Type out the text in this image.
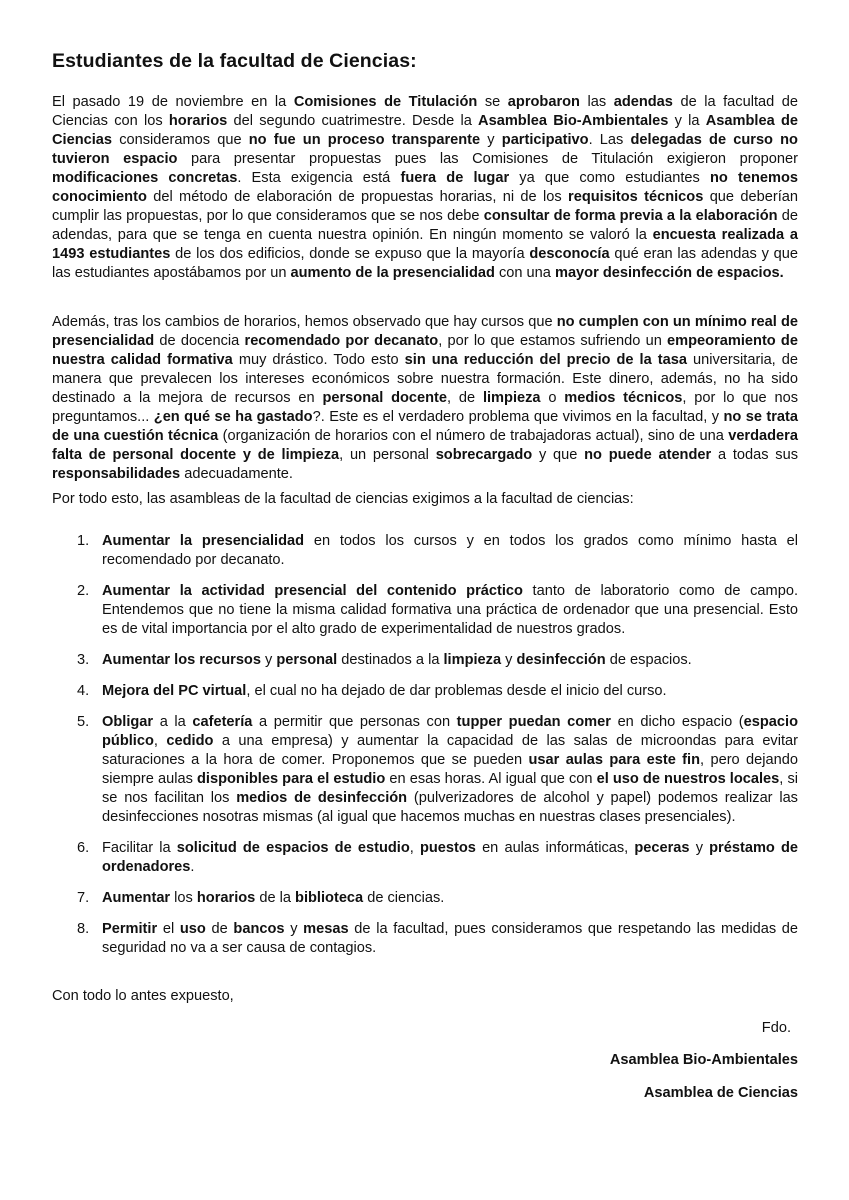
Estudiantes de la facultad de Ciencias:

El pasado 19 de noviembre en la Comisiones de Titulación se aprobaron las adendas de la facultad de Ciencias con los horarios del segundo cuatrimestre. Desde la Asamblea Bio-Ambientales y la Asamblea de Ciencias consideramos que no fue un proceso transparente y participativo. Las delegadas de curso no tuvieron espacio para presentar propuestas pues las Comisiones de Titulación exigieron proponer modificaciones concretas. Esta exigencia está fuera de lugar ya que como estudiantes no tenemos conocimiento del método de elaboración de propuestas horarias, ni de los requisitos técnicos que deberían cumplir las propuestas, por lo que consideramos que se nos debe consultar de forma previa a la elaboración de adendas, para que se tenga en cuenta nuestra opinión. En ningún momento se valoró la encuesta realizada a 1493 estudiantes de los dos edificios, donde se expuso que la mayoría desconocía qué eran las adendas y que las estudiantes apostábamos por un aumento de la presencialidad con una mayor desinfección de espacios.

Además, tras los cambios de horarios, hemos observado que hay cursos que no cumplen con un mínimo real de presencialidad de docencia recomendado por decanato, por lo que estamos sufriendo un empeoramiento de nuestra calidad formativa muy drástico. Todo esto sin una reducción del precio de la tasa universitaria, de manera que prevalecen los intereses económicos sobre nuestra formación. Este dinero, además, no ha sido destinado a la mejora de recursos en personal docente, de limpieza o medios técnicos, por lo que nos preguntamos... ¿en qué se ha gastado?. Este es el verdadero problema que vivimos en la facultad, y no se trata de una cuestión técnica (organización de horarios con el número de trabajadoras actual), sino de una verdadera falta de personal docente y de limpieza, un personal sobrecargado y que no puede atender a todas sus responsabilidades adecuadamente.

Por todo esto, las asambleas de la facultad de ciencias exigimos a la facultad de ciencias:

1. Aumentar la presencialidad en todos los cursos y en todos los grados como mínimo hasta el recomendado por decanato.
2. Aumentar la actividad presencial del contenido práctico tanto de laboratorio como de campo. Entendemos que no tiene la misma calidad formativa una práctica de ordenador que una presencial. Esto es de vital importancia por el alto grado de experimentalidad de nuestros grados.
3. Aumentar los recursos y personal destinados a la limpieza y desinfección de espacios.
4. Mejora del PC virtual, el cual no ha dejado de dar problemas desde el inicio del curso.
5. Obligar a la cafetería a permitir que personas con tupper puedan comer en dicho espacio (espacio público, cedido a una empresa) y aumentar la capacidad de las salas de microondas para evitar saturaciones a la hora de comer. Proponemos que se pueden usar aulas para este fin, pero dejando siempre aulas disponibles para el estudio en esas horas. Al igual que con el uso de nuestros locales, si se nos facilitan los medios de desinfección (pulverizadores de alcohol y papel) podemos realizar las desinfecciones nosotras mismas (al igual que hacemos muchas en nuestras clases presenciales).
6. Facilitar la solicitud de espacios de estudio, puestos en aulas informáticas, peceras y préstamo de ordenadores.
7. Aumentar los horarios de la biblioteca de ciencias.
8. Permitir el uso de bancos y mesas de la facultad, pues consideramos que respetando las medidas de seguridad no va a ser causa de contagios.

Con todo lo antes expuesto,

Fdo.

Asamblea Bio-Ambientales

Asamblea de Ciencias
